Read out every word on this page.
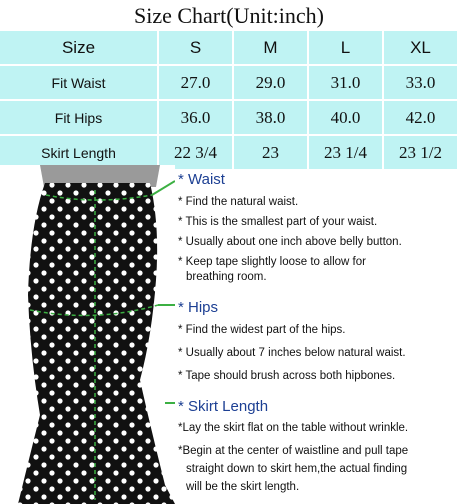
Size Chart(Unit:inch)
Size	S	M	L	XL
Fit Waist	27.0	29.0	31.0	33.0
Fit Hips	36.0	38.0	40.0	42.0
Skirt Length	22 3/4	23	23 1/4	23 1/2
* Waist
* Find the natural waist.
* This is the smallest part of your waist.
* Usually about one inch above belly button.
* Keep tape slightly loose to allow for
breathing room.
* Hips
* Find the widest part of the hips.
* Usually about 7 inches below natural waist.
* Tape should brush across both hipbones.
* Skirt Length
*Lay the skirt flat on the table without wrinkle.
*Begin at the center of waistline and pull tape
straight down to skirt hem,the actual finding
will be the skirt length.
